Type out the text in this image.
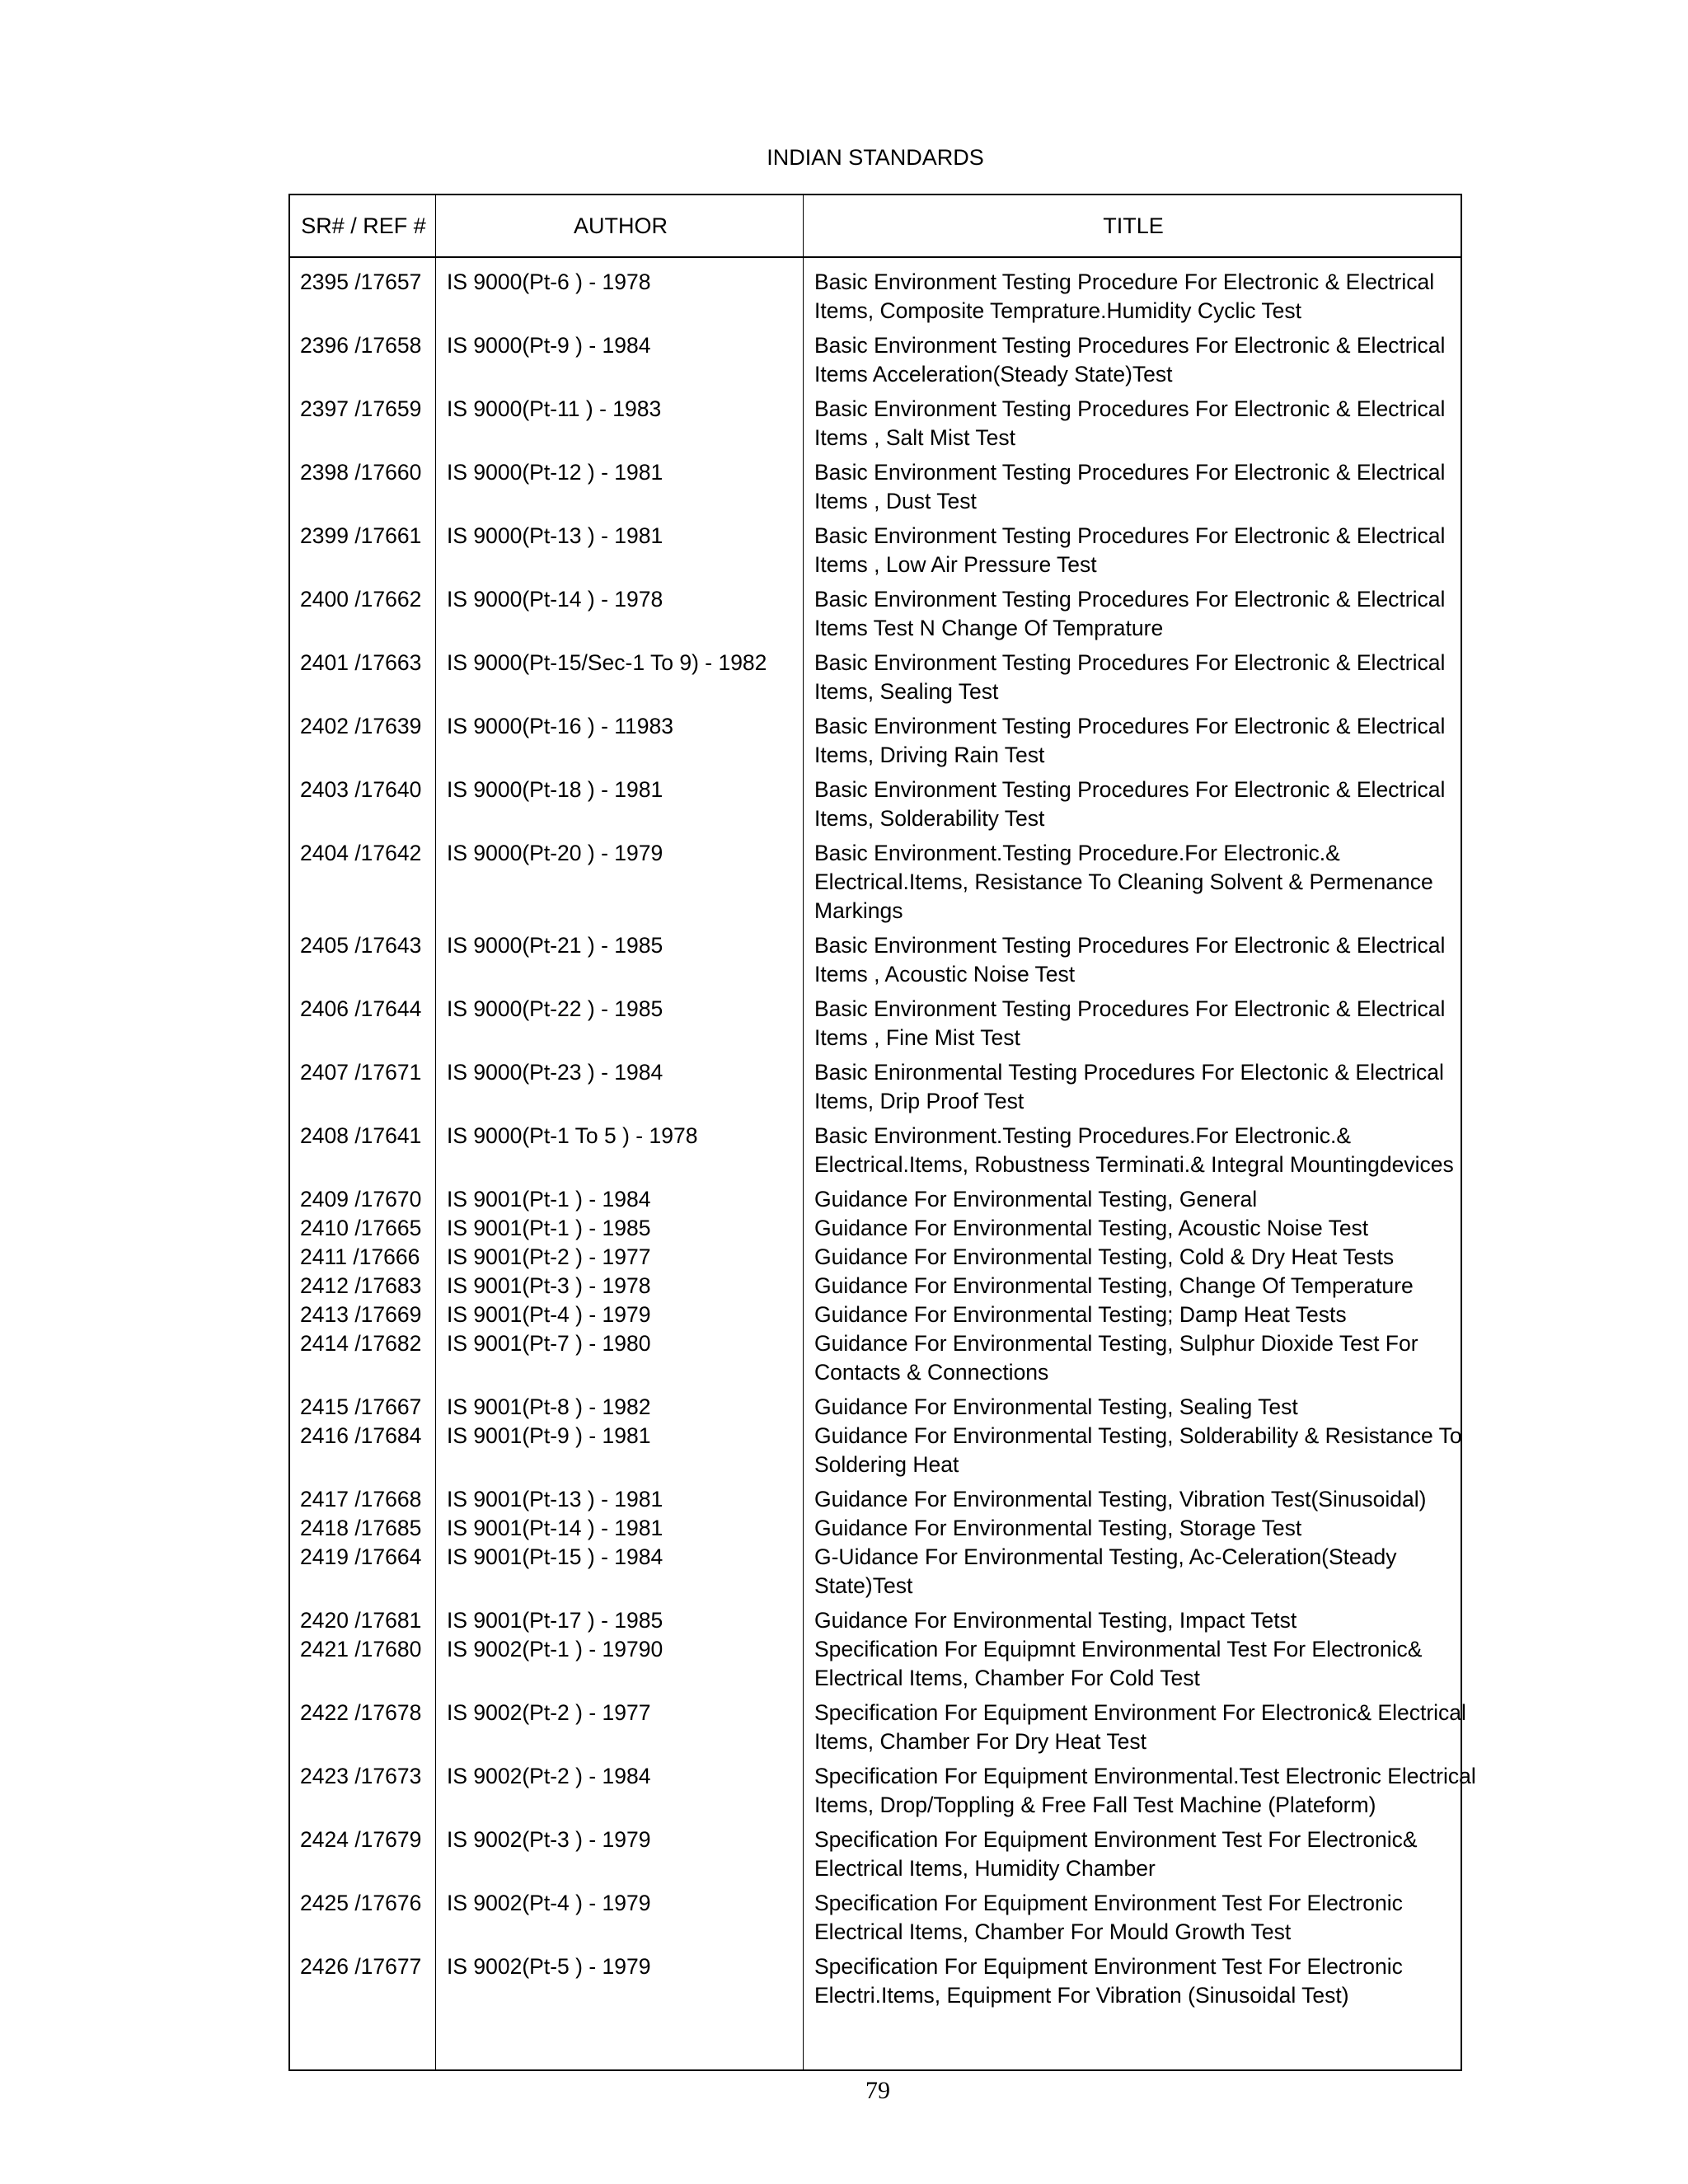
INDIAN STANDARDS
SR# / REF #	AUTHOR	TITLE
2395 /17657	IS 9000(Pt-6 ) - 1978	Basic Environment Testing Procedure For Electronic & Electrical
Items, Composite Temprature.Humidity Cyclic Test
2396 /17658	IS 9000(Pt-9 ) - 1984	Basic Environment Testing Procedures For Electronic & Electrical
Items Acceleration(Steady State)Test
2397 /17659	IS 9000(Pt-11 ) - 1983	Basic Environment Testing Procedures For Electronic & Electrical
Items , Salt Mist Test
2398 /17660	IS 9000(Pt-12 ) - 1981	Basic Environment Testing Procedures For Electronic & Electrical
Items , Dust Test
2399 /17661	IS 9000(Pt-13 ) - 1981	Basic Environment Testing Procedures For Electronic & Electrical
Items , Low Air Pressure Test
2400 /17662	IS 9000(Pt-14 ) - 1978	Basic Environment Testing Procedures For Electronic & Electrical
Items Test N Change Of Temprature
2401 /17663	IS 9000(Pt-15/Sec-1 To 9) - 1982	Basic Environment Testing Procedures For Electronic & Electrical
Items, Sealing Test
2402 /17639	IS 9000(Pt-16 ) - 11983	Basic Environment Testing Procedures For Electronic & Electrical
Items, Driving Rain Test
2403 /17640	IS 9000(Pt-18 ) - 1981	Basic Environment Testing Procedures For Electronic & Electrical
Items, Solderability Test
2404 /17642	IS 9000(Pt-20 ) - 1979	Basic Environment.Testing Procedure.For Electronic.&
Electrical.Items, Resistance To Cleaning Solvent & Permenance
Markings
2405 /17643	IS 9000(Pt-21 ) - 1985	Basic Environment Testing Procedures For Electronic & Electrical
Items , Acoustic Noise Test
2406 /17644	IS 9000(Pt-22 ) - 1985	Basic Environment Testing Procedures For Electronic & Electrical
Items , Fine Mist Test
2407 /17671	IS 9000(Pt-23 ) - 1984	Basic Enironmental Testing Procedures For Electonic & Electrical
Items, Drip Proof Test
2408 /17641	IS 9000(Pt-1 To 5 ) - 1978	Basic Environment.Testing Procedures.For Electronic.&
Electrical.Items, Robustness Terminati.& Integral Mountingdevices
2409 /17670	IS 9001(Pt-1 ) - 1984	Guidance For Environmental Testing, General
2410 /17665	IS 9001(Pt-1 ) - 1985	Guidance For Environmental Testing, Acoustic Noise Test
2411 /17666	IS 9001(Pt-2 ) - 1977	Guidance For Environmental Testing, Cold & Dry Heat Tests
2412 /17683	IS 9001(Pt-3 ) - 1978	Guidance For Environmental Testing, Change Of Temperature
2413 /17669	IS 9001(Pt-4 ) - 1979	Guidance For Environmental Testing; Damp Heat Tests
2414 /17682	IS 9001(Pt-7 ) - 1980	Guidance For Environmental Testing, Sulphur Dioxide Test For
Contacts & Connections
2415 /17667	IS 9001(Pt-8 ) - 1982	Guidance For Environmental Testing, Sealing Test
2416 /17684	IS 9001(Pt-9 ) - 1981	Guidance For Environmental Testing, Solderability & Resistance To
Soldering Heat
2417 /17668	IS 9001(Pt-13 ) - 1981	Guidance For Environmental Testing, Vibration Test(Sinusoidal)
2418 /17685	IS 9001(Pt-14 ) - 1981	Guidance For Environmental Testing, Storage Test
2419 /17664	IS 9001(Pt-15 ) - 1984	G-Uidance For Environmental Testing, Ac-Celeration(Steady
State)Test
2420 /17681	IS 9001(Pt-17 ) - 1985	Guidance For Environmental Testing, Impact Tetst
2421 /17680	IS 9002(Pt-1 ) - 19790	Specification For Equipmnt Environmental Test For Electronic&
Electrical Items, Chamber For Cold Test
2422 /17678	IS 9002(Pt-2 ) - 1977	Specification For Equipment Environment For Electronic& Electrical
Items, Chamber For Dry Heat Test
2423 /17673	IS 9002(Pt-2 ) - 1984	Specification For Equipment Environmental.Test Electronic Electrical
Items, Drop/Toppling & Free Fall Test Machine (Plateform)
2424 /17679	IS 9002(Pt-3 ) - 1979	Specification For Equipment Environment Test For Electronic&
Electrical Items, Humidity Chamber
2425 /17676	IS 9002(Pt-4 ) - 1979	Specification For Equipment Environment Test For Electronic
Electrical Items, Chamber For Mould Growth Test
2426 /17677	IS 9002(Pt-5 ) - 1979	Specification For Equipment Environment Test For Electronic
Electri.Items, Equipment For Vibration (Sinusoidal Test)
79
